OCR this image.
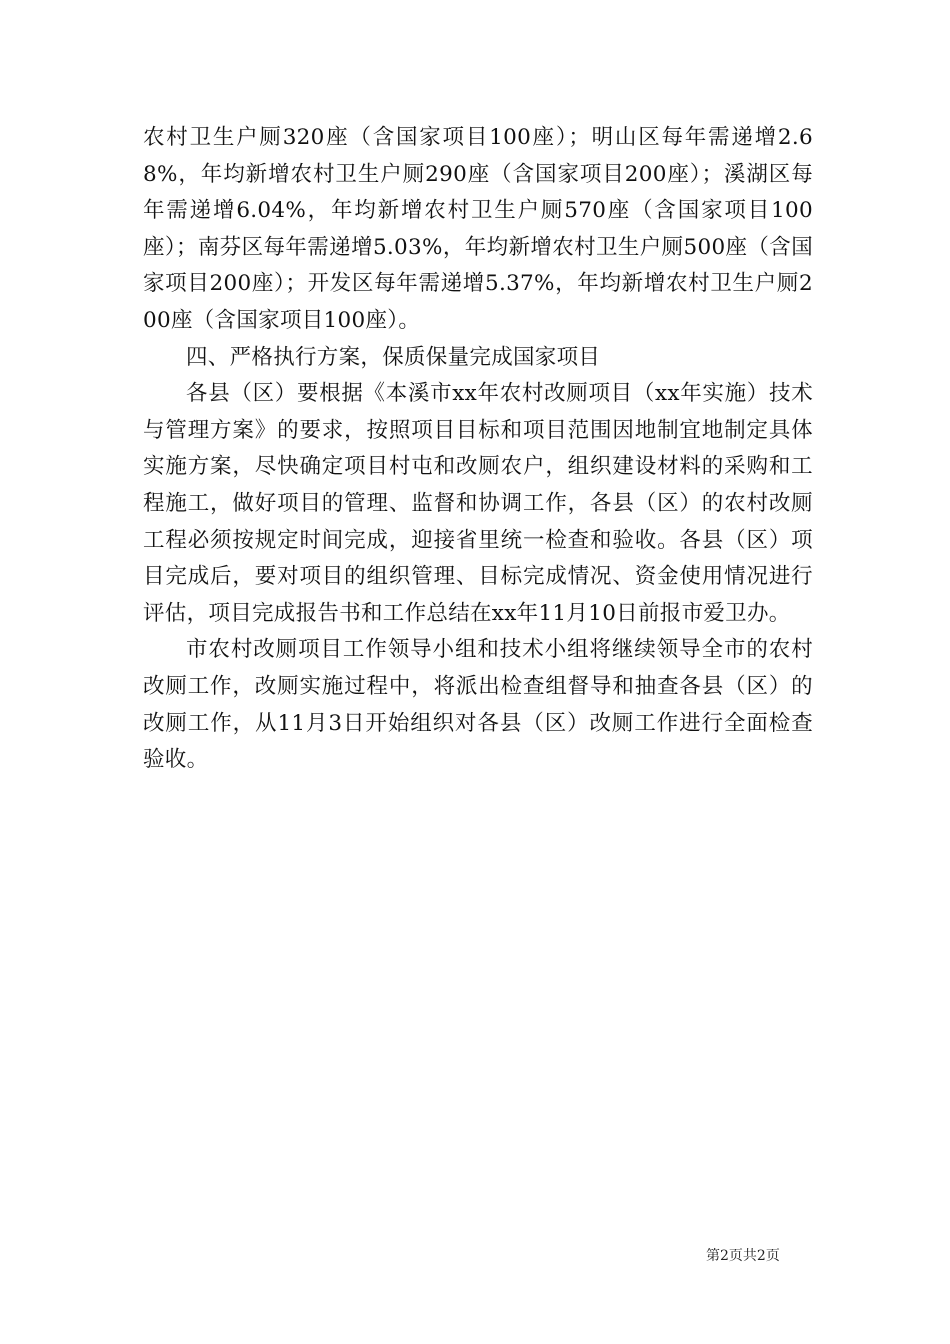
农村卫生户厕320座（含国家项目100座）；明山区每年需递增2.68%，年均新增农村卫生户厕290座（含国家项目200座）；溪湖区每年需递增6.04%，年均新增农村卫生户厕570座（含国家项目100座）；南芬区每年需递增5.03%，年均新增农村卫生户厕500座（含国家项目200座）；开发区每年需递增5.37%，年均新增农村卫生户厕200座（含国家项目100座）。

四、严格执行方案，保质保量完成国家项目

各县（区）要根据《本溪市xx年农村改厕项目（xx年实施）技术与管理方案》的要求，按照项目目标和项目范围因地制宜地制定具体实施方案，尽快确定项目村屯和改厕农户，组织建设材料的采购和工程施工，做好项目的管理、监督和协调工作，各县（区）的农村改厕工程必须按规定时间完成，迎接省里统一检查和验收。各县（区）项目完成后，要对项目的组织管理、目标完成情况、资金使用情况进行评估，项目完成报告书和工作总结在xx年11月10日前报市爱卫办。

市农村改厕项目工作领导小组和技术小组将继续领导全市的农村改厕工作，改厕实施过程中，将派出检查组督导和抽查各县（区）的改厕工作，从11月3日开始组织对各县（区）改厕工作进行全面检查验收。

第2页共2页
